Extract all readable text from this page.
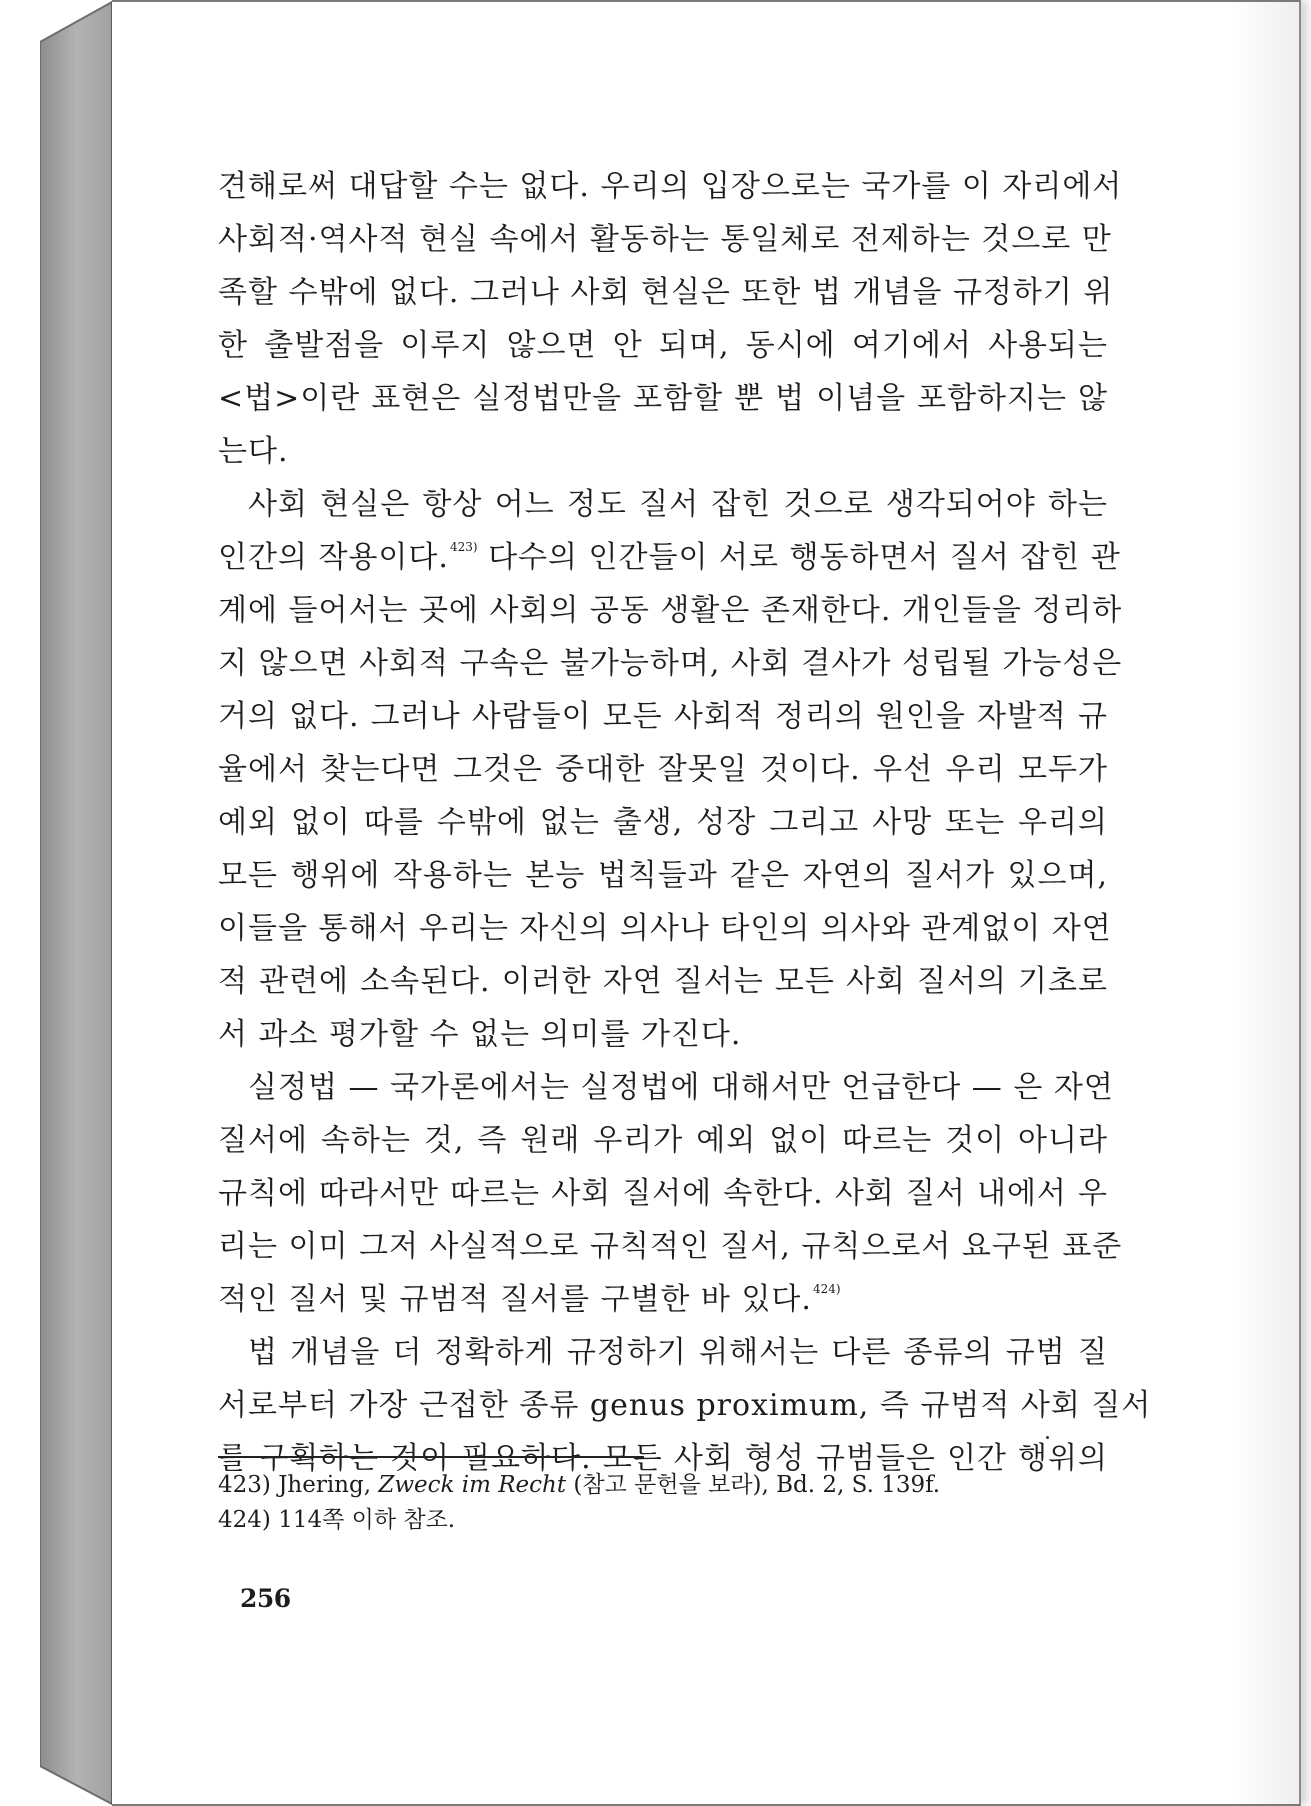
견해로써 대답할 수는 없다. 우리의 입장으로는 국가를 이 자리에서
사회적·역사적 현실 속에서 활동하는 통일체로 전제하는 것으로 만
족할 수밖에 없다. 그러나 사회 현실은 또한 법 개념을 규정하기 위
한 출발점을 이루지 않으면 안 되며, 동시에 여기에서 사용되는
<법>이란 표현은 실정법만을 포함할 뿐 법 이념을 포함하지는 않
는다.

사회 현실은 항상 어느 정도 질서 잡힌 것으로 생각되어야 하는
인간의 작용이다.$^{423)}$ 다수의 인간들이 서로 행동하면서 질서 잡힌 관
계에 들어서는 곳에 사회의 공동 생활은 존재한다. 개인들을 정리하
지 않으면 사회적 구속은 불가능하며, 사회 결사가 성립될 가능성은
거의 없다. 그러나 사람들이 모든 사회적 정리의 원인을 자발적 규
율에서 찾는다면 그것은 중대한 잘못일 것이다. 우선 우리 모두가
예외 없이 따를 수밖에 없는 출생, 성장 그리고 사망 또는 우리의
모든 행위에 작용하는 본능 법칙들과 같은 자연의 질서가 있으며,
이들을 통해서 우리는 자신의 의사나 타인의 의사와 관계없이 자연
적 관련에 소속된다. 이러한 자연 질서는 모든 사회 질서의 기초로
서 과소 평가할 수 없는 의미를 가진다.

실정법 — 국가론에서는 실정법에 대해서만 언급한다 — 은 자연
질서에 속하는 것, 즉 원래 우리가 예외 없이 따르는 것이 아니라
규칙에 따라서만 따르는 사회 질서에 속한다. 사회 질서 내에서 우
리는 이미 그저 사실적으로 규칙적인 질서, 규칙으로서 요구된 표준
적인 질서 및 규범적 질서를 구별한 바 있다.$^{424)}$

법 개념을 더 정확하게 규정하기 위해서는 다른 종류의 규범 질
서로부터 가장 근접한 종류 genus proximum, 즉 규범적 사회 질서
를 구획하는 것이 필요하다. 모든 사회 형성 규범들은 인간 행위의

423) Jhering, Zweck im Recht (참고 문헌을 보라), Bd. 2, S. 139f.
424) 114쪽 이하 참조.
256
